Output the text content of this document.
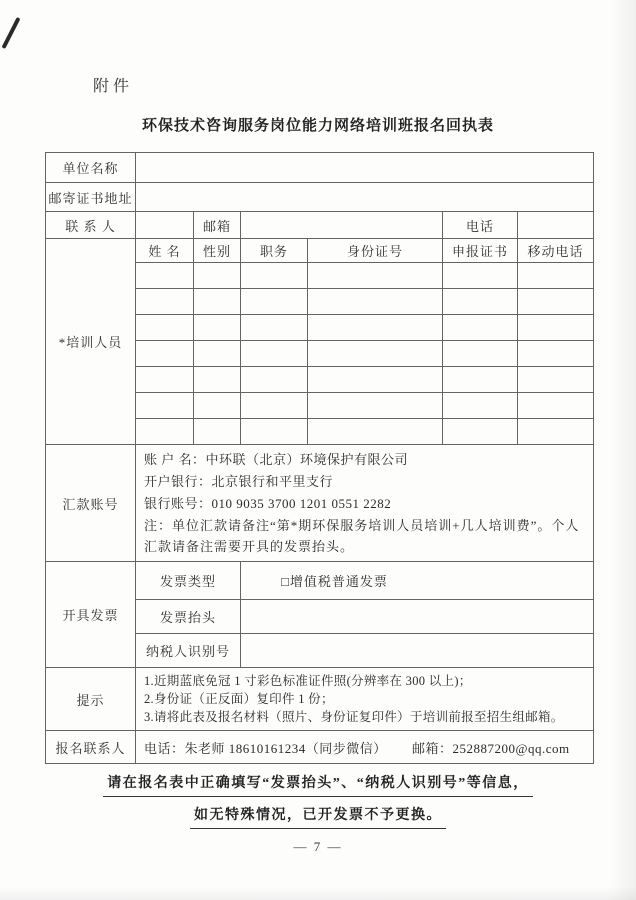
附件
环保技术咨询服务岗位能力网络培训班报名回执表
单位名称						
邮寄证书地址						
联 系 人		邮箱			电话	
*培训人员	姓 名	性别	职务	身份证号	申报证书	移动电话

汇款账号	账 户 名：中环联（北京）环境保护有限公司
开户银行：北京银行和平里支行
银行账号：010 9035 3700 1201 0551 2282
注：单位汇款请备注“第*期环保服务培训人员培训+几人培训费”。个人汇款请备注需要开具的发票抬头。					

开具发票	发票类型		□增值税普通发票			
	发票抬头					
	纳税人识别号					
提示	1.近期蓝底免冠 1 寸彩色标准证件照(分辨率在 300 以上)；
2.身份证（正反面）复印件 1 份；
3.请将此表及报名材料（照片、身份证复印件）于培训前报至招生组邮箱。					

报名联系人	电话：朱老师 18610161234（同步微信） 邮箱：252887200@qq.com					
请在报名表中正确填写“发票抬头”、“纳税人识别号”等信息，
如无特殊情况，已开发票不予更换。
— 7 —
